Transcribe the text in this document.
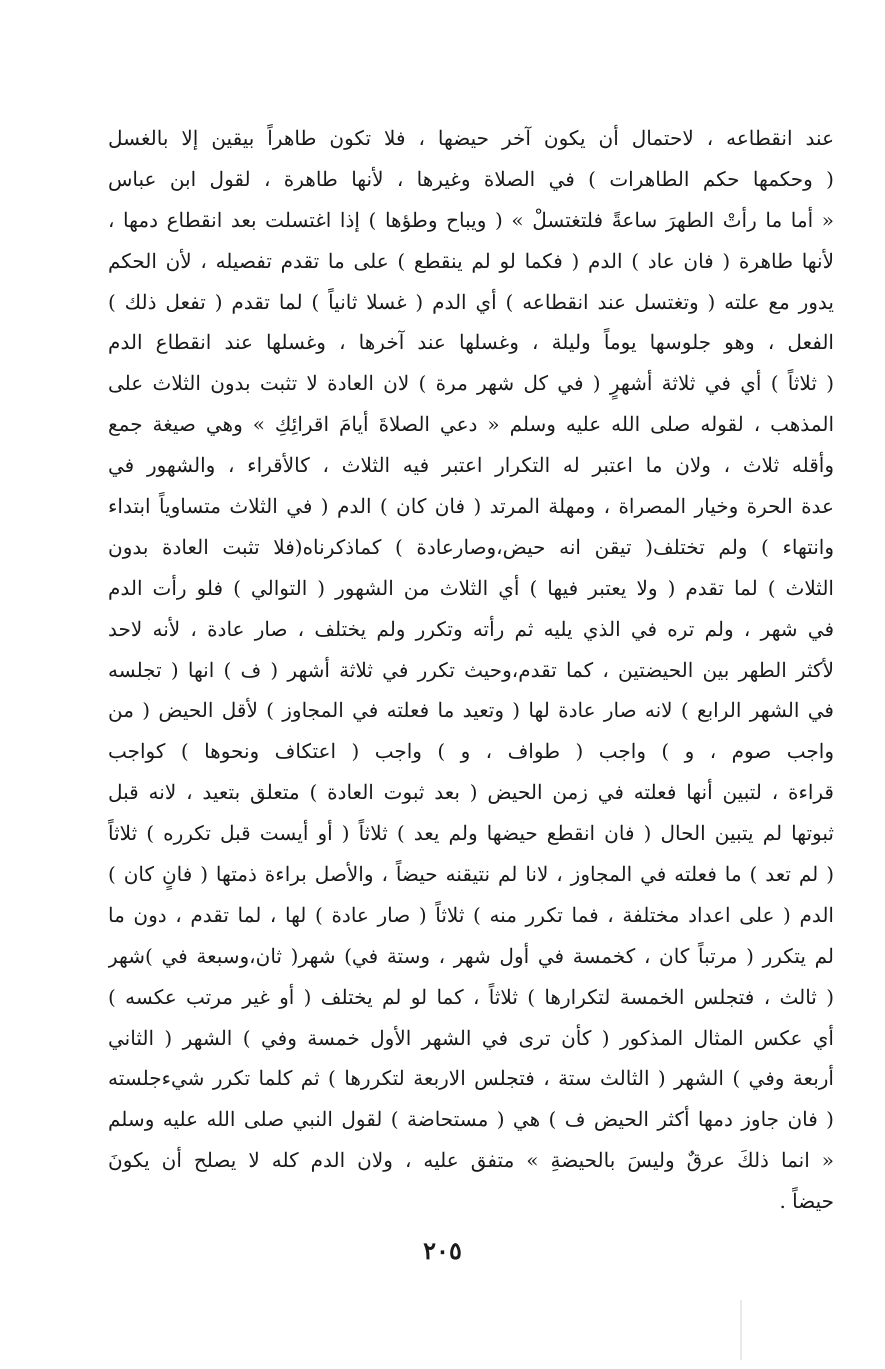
عند انقطاعه ، لاحتمال أن يكون آخر حيضها ، فلا تكون طاهراً بيقين إلا بالغسل
( وحكمها حكم الطاهرات ) في الصلاة وغيرها ، لأنها طاهرة ، لقول ابن عباس
« أما ما رأتْ الطهرَ ساعةً فلتغتسلْ » ( ويباح وطؤها ) إذا اغتسلت بعد انقطاع دمها ،
لأنها طاهرة ( فان عاد ) الدم ( فكما لو لم ينقطع ) على ما تقدم تفصيله ، لأن الحكم
يدور مع علته ( وتغتسل عند انقطاعه ) أي الدم ( غسلا ثانياً ) لما تقدم ( تفعل ذلك )
الفعل ، وهو جلوسها يوماً وليلة ، وغسلها عند آخرها ، وغسلها عند انقطاع الدم
( ثلاثاً ) أي في ثلاثة أشهرٍ ( في كل شهر مرة ) لان العادة لا تثبت بدون الثلاث على
المذهب ، لقوله صلى الله عليه وسلم « دعي الصلاةَ أيامَ اقرائِكِ » وهي صيغة جمع
وأقله ثلاث ، ولان ما اعتبر له التكرار اعتبر فيه الثلاث ، كالأقراء ، والشهور في
عدة الحرة وخيار المصراة ، ومهلة المرتد ( فان كان ) الدم ( في الثلاث متساوياً ابتداء
وانتهاء ) ولم تختلف( تيقن انه حيض،وصارعادة ) كماذكرناه(فلا تثبت العادة بدون
الثلاث ) لما تقدم ( ولا يعتبر فيها ) أي الثلاث من الشهور ( التوالي ) فلو رأت الدم
في شهر ، ولم تره في الذي يليه ثم رأته وتكرر ولم يختلف ، صار عادة ، لأنه لاحد
لأكثر الطهر بين الحيضتين ، كما تقدم،وحيث تكرر في ثلاثة أشهر ( ف ) انها ( تجلسه
في الشهر الرابع ) لانه صار عادة لها ( وتعيد ما فعلته في المجاوز ) لأقل الحيض ( من
واجب صوم ، و ) واجب ( طواف ، و ) واجب ( اعتكاف ونحوها ) كواجب
قراءة ، لتبين أنها فعلته في زمن الحيض ( بعد ثبوت العادة ) متعلق بتعيد ، لانه قبل
ثبوتها لم يتبين الحال ( فان انقطع حيضها ولم يعد ) ثلاثاً ( أو أيست قبل تكرره ) ثلاثاً
( لم تعد ) ما فعلته في المجاوز ، لانا لم نتيقنه حيضاً ، والأصل براءة ذمتها ( فانٍ كان )
الدم ( على اعداد مختلفة ، فما تكرر منه ) ثلاثاً ( صار عادة ) لها ، لما تقدم ، دون ما
لم يتكرر ( مرتباً كان ، كخمسة في أول شهر ، وستة في) شهر( ثان،وسبعة في )شهر
( ثالث ، فتجلس الخمسة لتكرارها ) ثلاثاً ، كما لو لم يختلف ( أو غير مرتب عكسه )
أي عكس المثال المذكور ( كأن ترى في الشهر الأول خمسة وفي ) الشهر ( الثاني
أربعة وفي ) الشهر ( الثالث ستة ، فتجلس الاربعة لتكررها ) ثم كلما تكرر شيءجلسته
( فان جاوز دمها أكثر الحيض ف ) هي ( مستحاضة ) لقول النبي صلى الله عليه وسلم
« انما ذلكَ عرقٌ وليسَ بالحيضةِ » متفق عليه ، ولان الدم كله لا يصلح أن يكونَ
حيضاً .
٢٠٥
